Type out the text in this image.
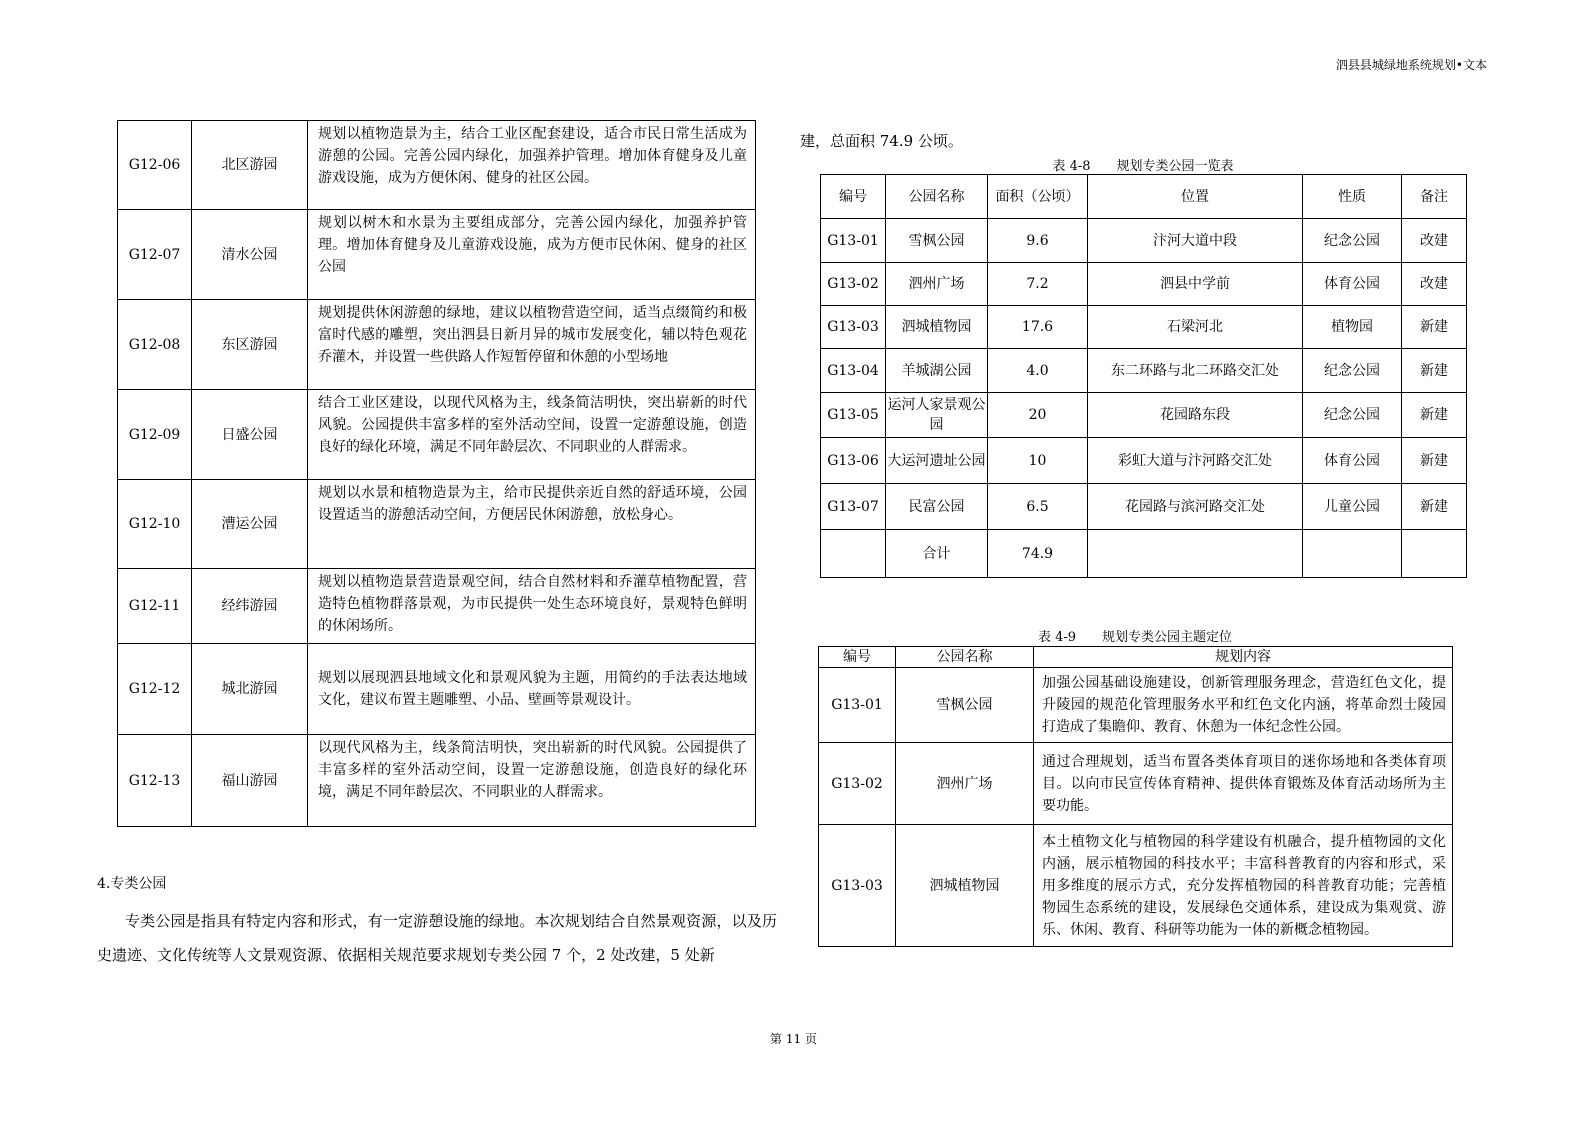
泗县县城绿地系统规划•文本
G12-06	北区游园	规划以植物造景为主，结合工业区配套建设，适合市民日常生活成为游憩的公园。完善公园内绿化，加强养护管理。增加体育健身及儿童游戏设施，成为方便休闲、健身的社区公园。
G12-07	清水公园	规划以树木和水景为主要组成部分，完善公园内绿化，加强养护管理。增加体育健身及儿童游戏设施，成为方便市民休闲、健身的社区公园
G12-08	东区游园	规划提供休闲游憩的绿地，建议以植物营造空间，适当点缀简约和极富时代感的雕塑，突出泗县日新月异的城市发展变化，辅以特色观花乔灌木，并设置一些供路人作短暂停留和休憩的小型场地
G12-09	日盛公园	结合工业区建设，以现代风格为主，线条简洁明快，突出崭新的时代风貌。公园提供丰富多样的室外活动空间，设置一定游憩设施，创造良好的绿化环境，满足不同年龄层次、不同职业的人群需求。
G12-10	漕运公园	规划以水景和植物造景为主，给市民提供亲近自然的舒适环境，公园设置适当的游憩活动空间，方便居民休闲游憩，放松身心。
G12-11	经纬游园	规划以植物造景营造景观空间，结合自然材料和乔灌草植物配置，营造特色植物群落景观，为市民提供一处生态环境良好，景观特色鲜明的休闲场所。
G12-12	城北游园	规划以展现泗县地域文化和景观风貌为主题，用简约的手法表达地域文化，建议布置主题雕塑、小品、壁画等景观设计。
G12-13	福山游园	以现代风格为主，线条简洁明快，突出崭新的时代风貌。公园提供了丰富多样的室外活动空间，设置一定游憩设施，创造良好的绿化环境，满足不同年龄层次、不同职业的人群需求。
4.专类公园
专类公园是指具有特定内容和形式，有一定游憩设施的绿地。本次规划结合自然景观资源，以及历史遗迹、文化传统等人文景观资源、依据相关规范要求规划专类公园 7 个，2 处改建，5 处新
建，总面积 74.9 公顷。
表 4-8　　规划专类公园一览表
编号	公园名称	面积（公顷）	位置	性质	备注
G13-01	雪枫公园	9.6	汴河大道中段	纪念公园	改建
G13-02	泗州广场	7.2	泗县中学前	体育公园	改建
G13-03	泗城植物园	17.6	石梁河北	植物园	新建
G13-04	羊城湖公园	4.0	东二环路与北二环路交汇处	纪念公园	新建
G13-05	运河人家景观公园	20	花园路东段	纪念公园	新建
G13-06	大运河遗址公园	10	彩虹大道与汴河路交汇处	体育公园	新建
G13-07	民富公园	6.5	花园路与滨河路交汇处	儿童公园	新建
	合计	74.9			
表 4-9　　规划专类公园主题定位
编号	公园名称	规划内容
G13-01	雪枫公园	加强公园基础设施建设，创新管理服务理念，营造红色文化，提升陵园的规范化管理服务水平和红色文化内涵，将革命烈士陵园打造成了集瞻仰、教育、休憩为一体纪念性公园。
G13-02	泗州广场	通过合理规划，适当布置各类体育项目的迷你场地和各类体育项目。以向市民宣传体育精神、提供体育锻炼及体育活动场所为主要功能。
G13-03	泗城植物园	本土植物文化与植物园的科学建设有机融合，提升植物园的文化内涵，展示植物园的科技水平；丰富科普教育的内容和形式，采用多维度的展示方式，充分发挥植物园的科普教育功能；完善植物园生态系统的建设，发展绿色交通体系，建设成为集观赏、游乐、休闲、教育、科研等功能为一体的新概念植物园。
第 11 页
